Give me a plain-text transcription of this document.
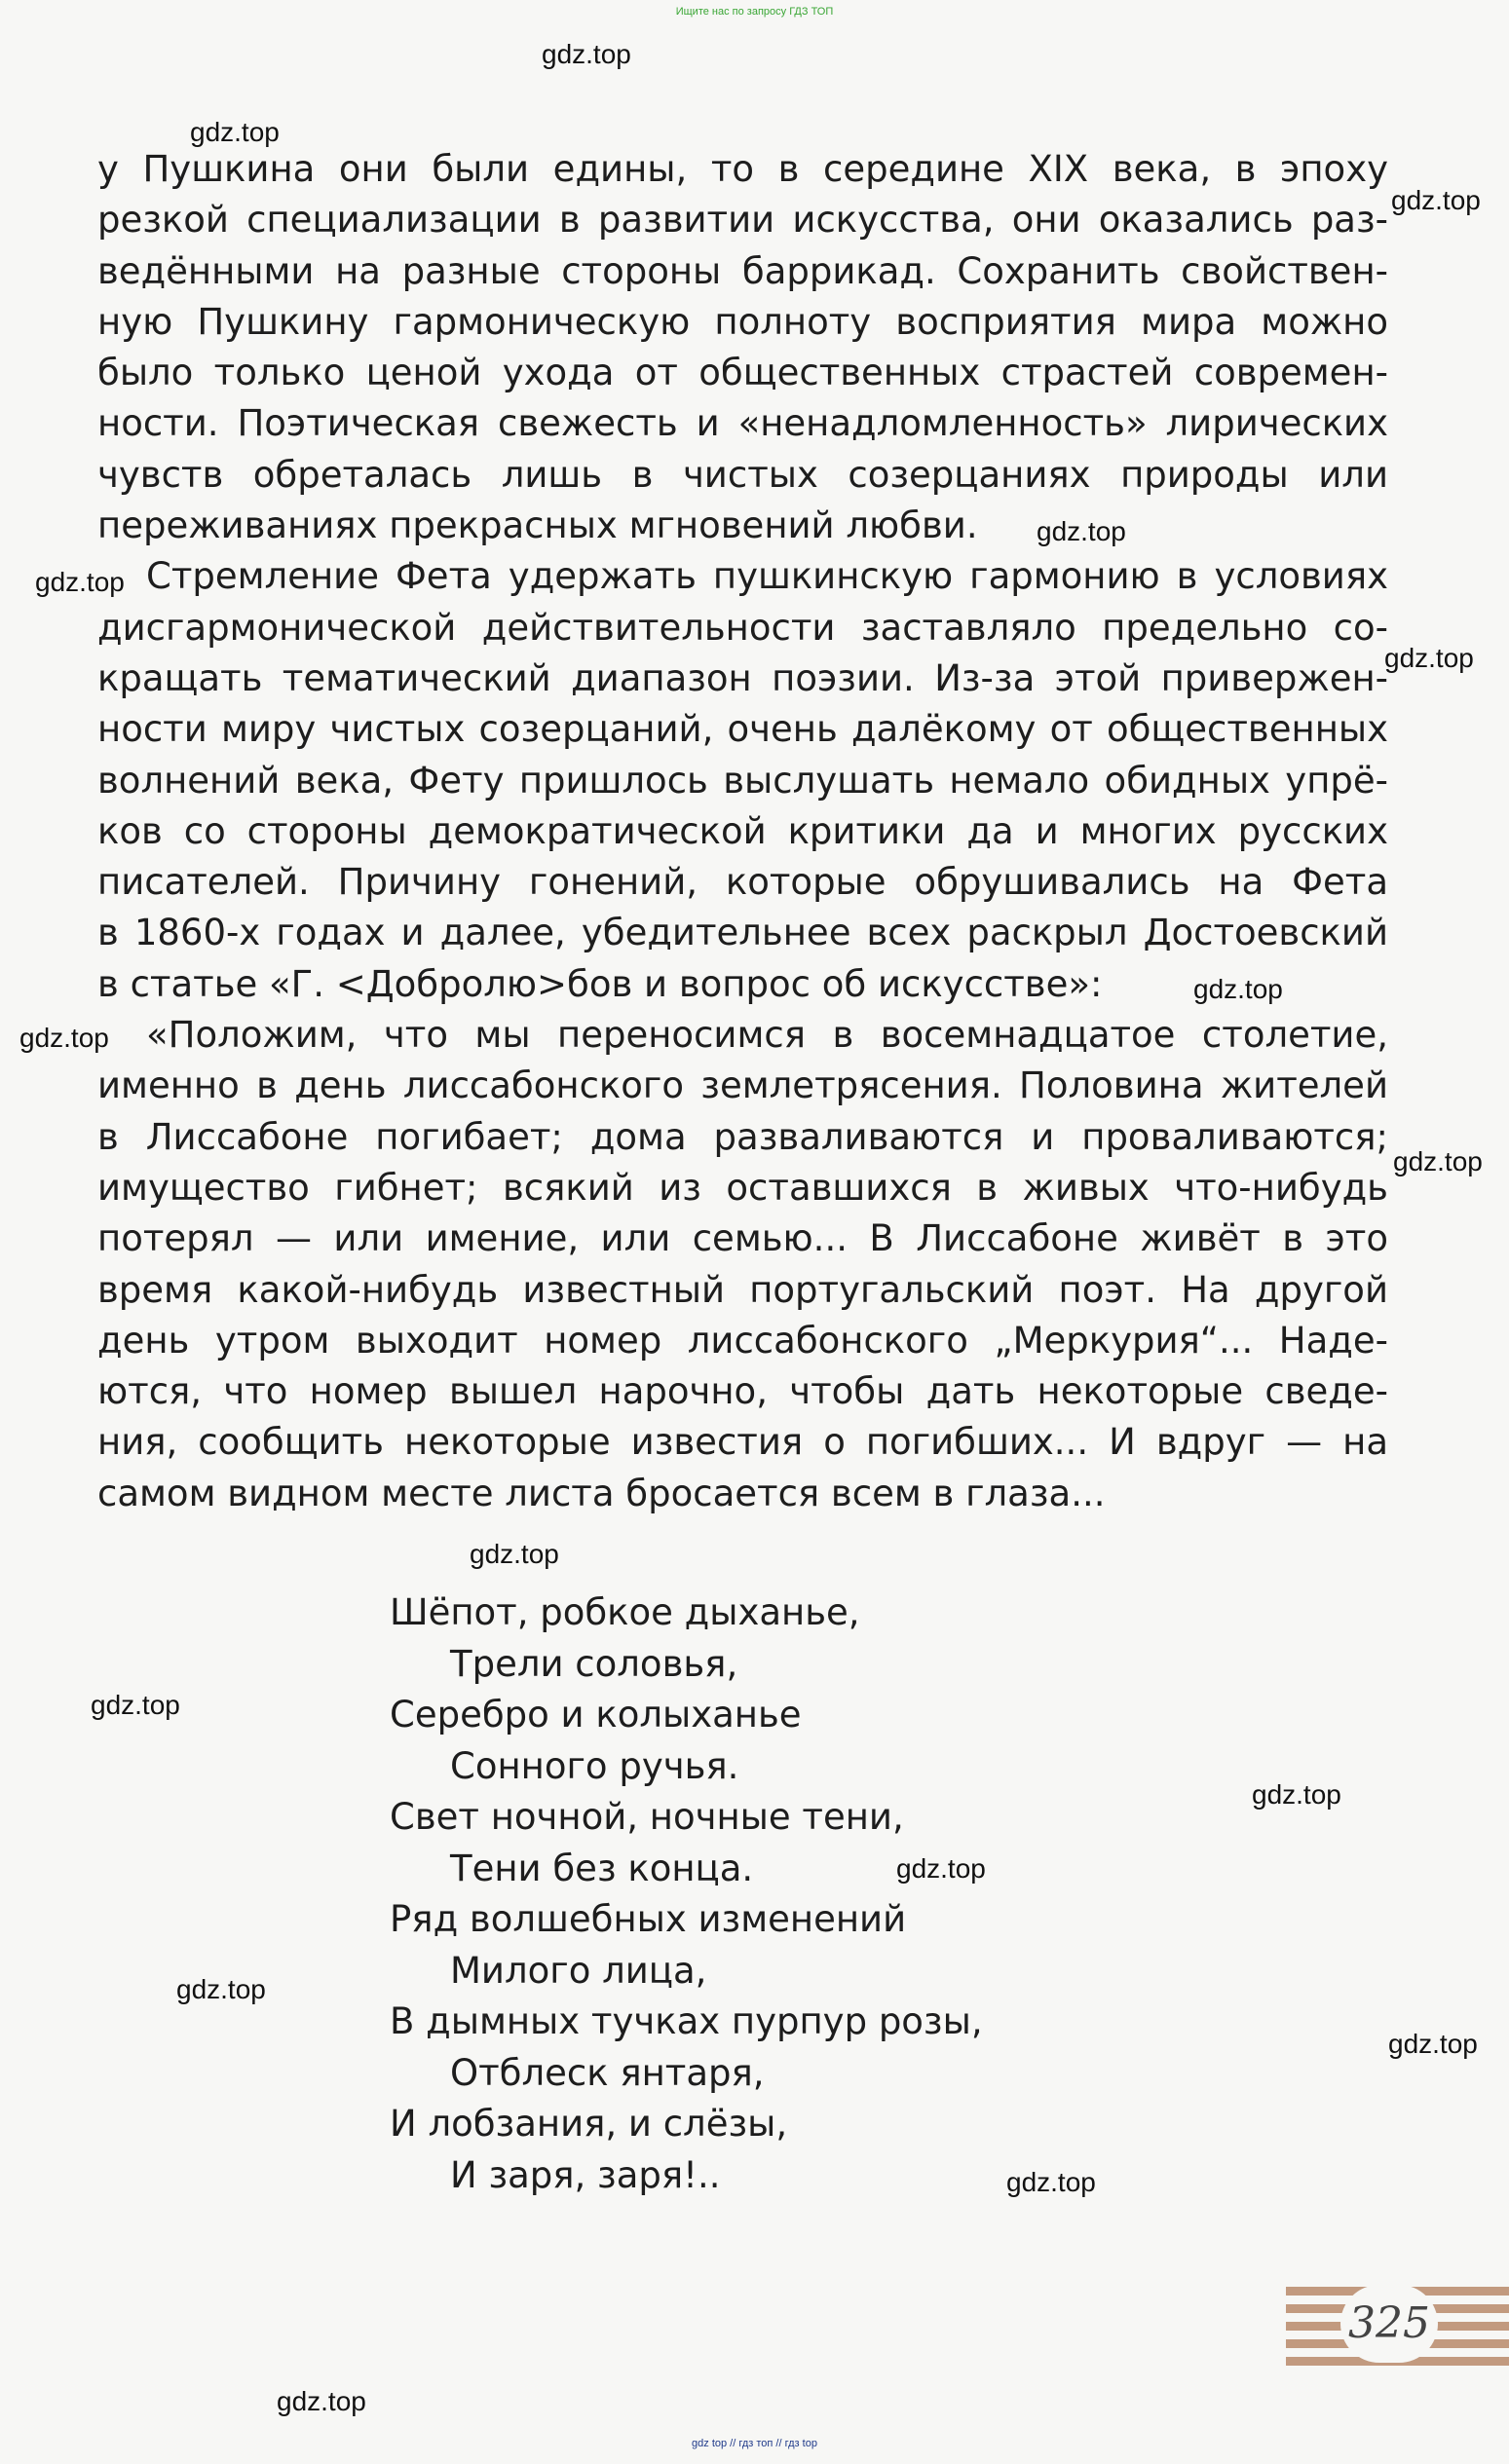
Ищите нас по запросу ГДЗ ТОП
у Пушкина они были едины, то в середине XIX века, в эпоху
резкой специализации в развитии искусства, они оказались раз-
ведёнными на разные стороны баррикад. Сохранить свойствен-
ную Пушкину гармоническую полноту восприятия мира можно
было только ценой ухода от общественных страстей современ-
ности. Поэтическая свежесть и «ненадломленность» лирических
чувств обреталась лишь в чистых созерцаниях природы или
переживаниях прекрасных мгновений любви.
Стремление Фета удержать пушкинскую гармонию в условиях
дисгармонической действительности заставляло предельно со-
кращать тематический диапазон поэзии. Из-за этой привержен-
ности миру чистых созерцаний, очень далёкому от общественных
волнений века, Фету пришлось выслушать немало обидных упрё-
ков со стороны демократической критики да и многих русских
писателей. Причину гонений, которые обрушивались на Фета
в 1860-х годах и далее, убедительнее всех раскрыл Достоевский
в статье «Г. <Добролю>бов и вопрос об искусстве»:
«Положим, что мы переносимся в восемнадцатое столетие,
именно в день лиссабонского землетрясения. Половина жителей
в Лиссабоне погибает; дома разваливаются и проваливаются;
имущество гибнет; всякий из оставшихся в живых что-нибудь
потерял — или имение, или семью... В Лиссабоне живёт в это
время какой-нибудь известный португальский поэт. На другой
день утром выходит номер лиссабонского „Меркурия“... Наде-
ются, что номер вышел нарочно, чтобы дать некоторые сведе-
ния, сообщить некоторые известия о погибших... И вдруг — на
самом видном месте листа бросается всем в глаза...
Шёпот, робкое дыханье,
Трели соловья,
Серебро и колыханье
Сонного ручья.
Свет ночной, ночные тени,
Тени без конца.
Ряд волшебных изменений
Милого лица,
В дымных тучках пурпур розы,
Отблеск янтаря,
И лобзания, и слёзы,
И заря, заря!..
gdz.top
gdz.top
gdz.top
gdz.top
gdz.top
gdz.top
gdz.top
gdz.top
gdz.top
gdz.top
gdz.top
gdz.top
gdz.top
gdz.top
gdz.top
gdz.top
gdz.top
325
gdz top // гдз топ // гдз top
